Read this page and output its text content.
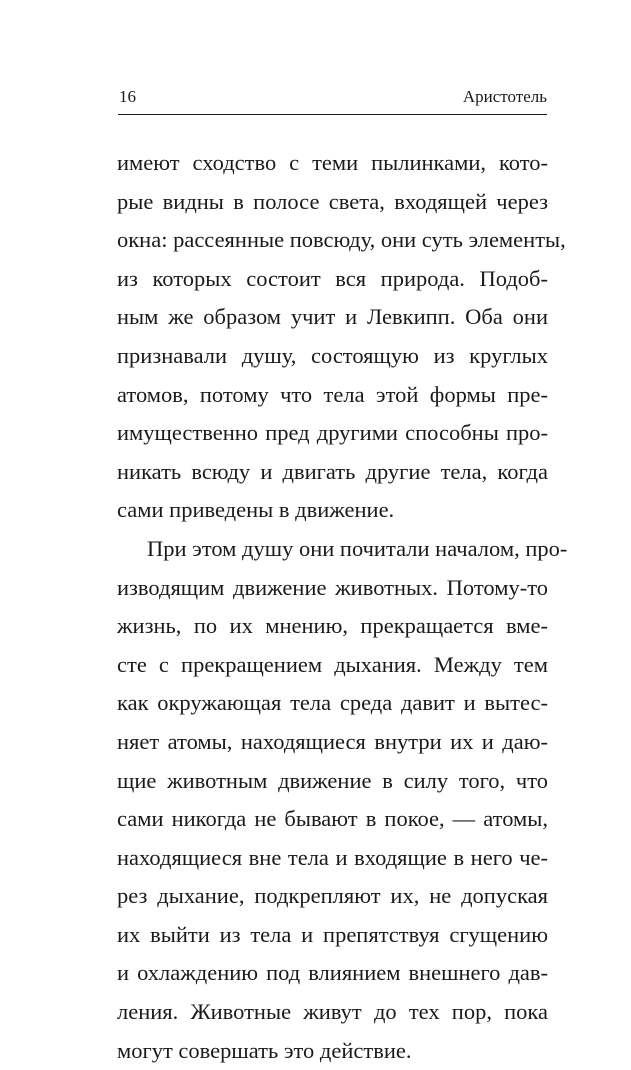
16	Аристотель
имеют сходство с теми пылинками, кото-
рые видны в полосе света, входящей через
окна: рассеянные повсюду, они суть элементы,
из которых состоит вся природа. Подоб-
ным же образом учит и Левкипп. Оба они
признавали душу, состоящую из круглых
атомов, потому что тела этой формы пре-
имущественно пред другими способны про-
никать всюду и двигать другие тела, когда
сами приведены в движение.
При этом душу они почитали началом, про-
изводящим движение животных. Потому-то
жизнь, по их мнению, прекращается вме-
сте с прекращением дыхания. Между тем
как окружающая тела среда давит и вытес-
няет атомы, находящиеся внутри их и даю-
щие животным движение в силу того, что
сами никогда не бывают в покое, — атомы,
находящиеся вне тела и входящие в него че-
рез дыхание, подкрепляют их, не допуская
их выйти из тела и препятствуя сгущению
и охлаждению под влиянием внешнего дав-
ления. Животные живут до тех пор, пока
могут совершать это действие.
